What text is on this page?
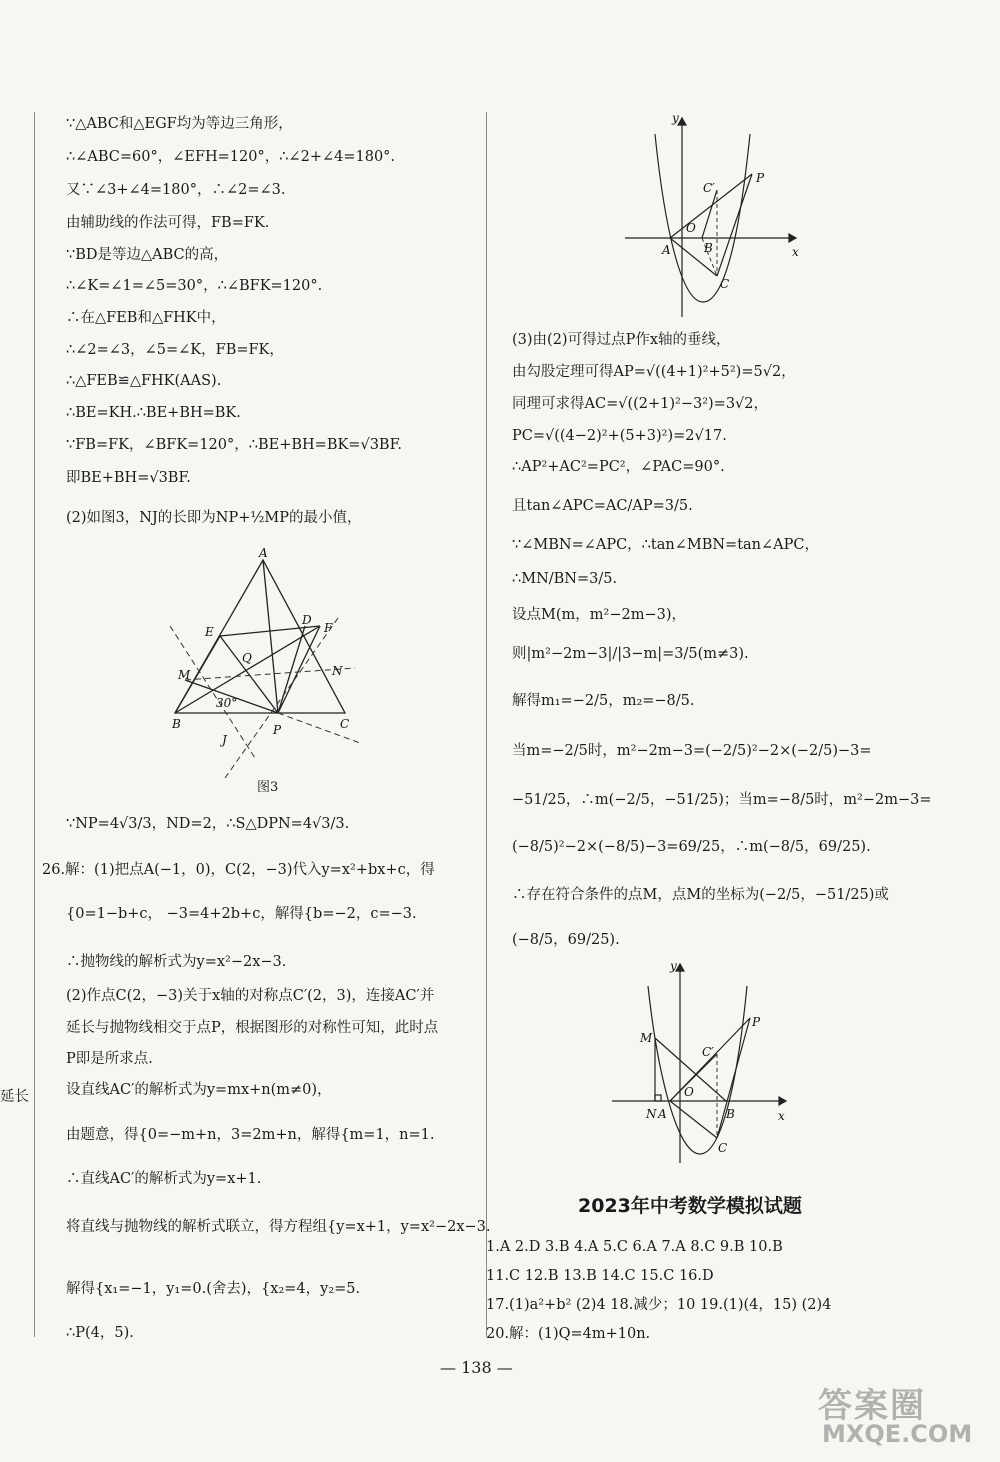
∵△ABC和△EGF均为等边三角形，
∴∠ABC=60°，∠EFH=120°，∴∠2+∠4=180°.
又∵∠3+∠4=180°，∴∠2=∠3.
由辅助线的作法可得，FB=FK.
∵BD是等边△ABC的高，
∴∠K=∠1=∠5=30°，∴∠BFK=120°.
∴在△FEB和△FHK中，
∴∠2=∠3，∠5=∠K，FB=FK，
∴△FEB≌△FHK(AAS).
∴BE=KH.∴BE+BH=BK.
∵FB=FK，∠BFK=120°，∴BE+BH=BK=√3BF.
即BE+BH=√3BF.
(2)如图3，NJ的长即为NP+½MP的最小值，
A
E
D
F
Q
M	N
30°
B	P	C
J
图3
∵NP=4√3/3，ND=2，∴S△DPN=4√3/3.
26.解：(1)把点A(−1，0)，C(2，−3)代入y=x²+bx+c，得
{0=1−b+c， −3=4+2b+c，解得{b=−2，c=−3.
∴抛物线的解析式为y=x²−2x−3.
(2)作点C(2，−3)关于x轴的对称点C′(2，3)，连接AC′并
延长与抛物线相交于点P，根据图形的对称性可知，此时点
P即是所求点.
设直线AC′的解析式为y=mx+n(m≠0)，
由题意，得{0=−m+n，3=2m+n，解得{m=1，n=1.
∴直线AC′的解析式为y=x+1.
将直线与抛物线的解析式联立，得方程组{y=x+1，y=x²−2x−3.
解得{x₁=−1，y₁=0.(舍去)，{x₂=4，y₂=5.
∴P(4，5).
延长
y
x
O
A	B
C
C′
P
(3)由(2)可得过点P作x轴的垂线，
由勾股定理可得AP=√((4+1)²+5²)=5√2，
同理可求得AC=√((2+1)²−3²)=3√2，
PC=√((4−2)²+(5+3)²)=2√17.
∴AP²+AC²=PC²，∠PAC=90°.
且tan∠APC=AC/AP=3/5.
∵∠MBN=∠APC，∴tan∠MBN=tan∠APC，
∴MN/BN=3/5.
设点M(m，m²−2m−3)，
则|m²−2m−3|/|3−m|=3/5(m≠3).
解得m₁=−2/5，m₂=−8/5.
当m=−2/5时，m²−2m−3=(−2/5)²−2×(−2/5)−3=
−51/25，∴m(−2/5，−51/25)；当m=−8/5时，m²−2m−3=
(−8/5)²−2×(−8/5)−3=69/25，∴m(−8/5，69/25).
∴存在符合条件的点M，点M的坐标为(−2/5，−51/25)或
(−8/5，69/25).
y
x
O
N A	B
C
C′
P
M
2023年中考数学模拟试题
1.A 2.D 3.B 4.A 5.C 6.A 7.A 8.C 9.B 10.B
11.C 12.B 13.B 14.C 15.C 16.D
17.(1)a²+b² (2)4 18.减少；10 19.(1)(4，15) (2)4
20.解：(1)Q=4m+10n.
— 138 —
答案圈
MXQE.COM
